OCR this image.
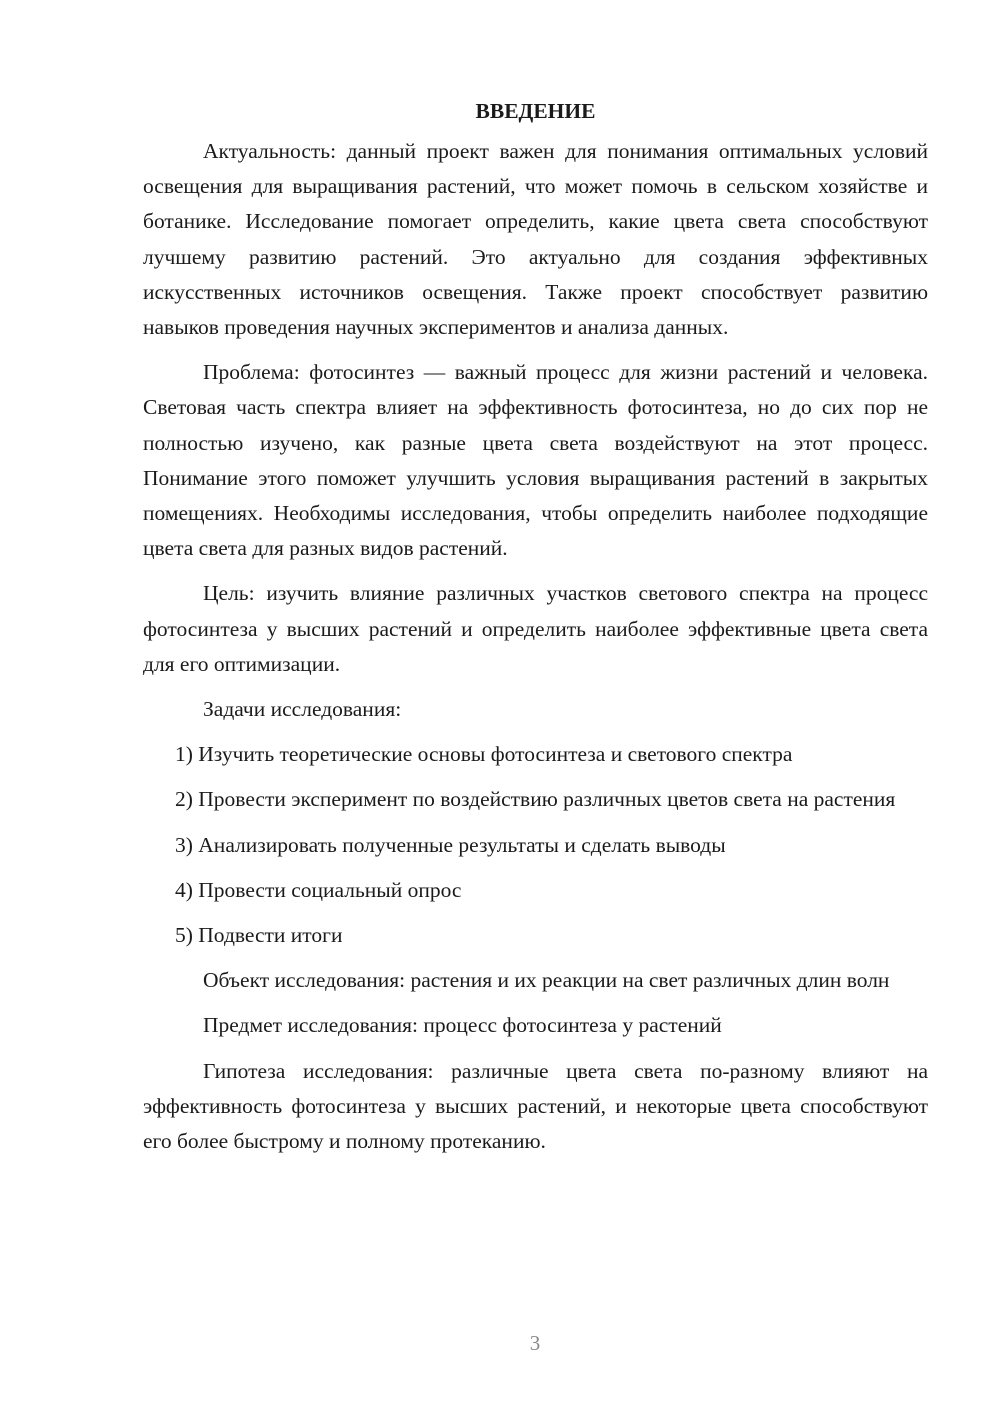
ВВЕДЕНИЕ

Актуальность: данный проект важен для понимания оптимальных условий освещения для выращивания растений, что может помочь в сельском хозяйстве и ботанике. Исследование помогает определить, какие цвета света способствуют лучшему развитию растений. Это актуально для создания эффективных искусственных источников освещения. Также проект способствует развитию навыков проведения научных экспериментов и анализа данных.

Проблема: фотосинтез — важный процесс для жизни растений и человека. Световая часть спектра влияет на эффективность фотосинтеза, но до сих пор не полностью изучено, как разные цвета света воздействуют на этот процесс. Понимание этого поможет улучшить условия выращивания растений в закрытых помещениях. Необходимы исследования, чтобы определить наиболее подходящие цвета света для разных видов растений.

Цель: изучить влияние различных участков светового спектра на процесс фотосинтеза у высших растений и определить наиболее эффективные цвета света для его оптимизации.

Задачи исследования:

1) Изучить теоретические основы фотосинтеза и светового спектра

2) Провести эксперимент по воздействию различных цветов света на растения

3) Анализировать полученные результаты и сделать выводы

4) Провести социальный опрос

5) Подвести итоги

Объект исследования: растения и их реакции на свет различных длин волн

Предмет исследования: процесс фотосинтеза у растений

Гипотеза исследования: различные цвета света по-разному влияют на эффективность фотосинтеза у высших растений, и некоторые цвета способствуют его более быстрому и полному протеканию.

3
